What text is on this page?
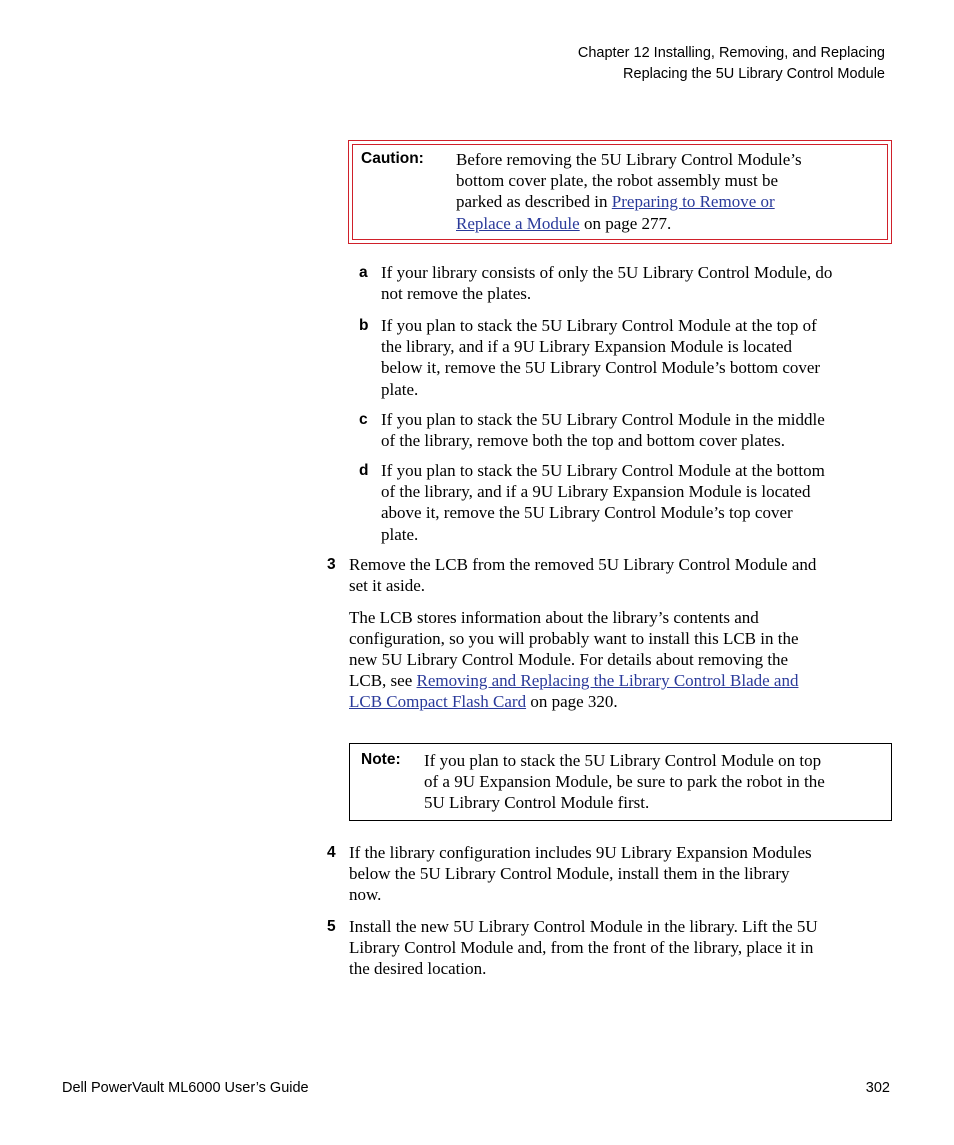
Chapter 12 Installing, Removing, and Replacing
Replacing the 5U Library Control Module
Caution: Before removing the 5U Library Control Module’s
bottom cover plate, the robot assembly must be
parked as described in Preparing to Remove or
Replace a Module on page 277.
a If your library consists of only the 5U Library Control Module, do
not remove the plates.
b If you plan to stack the 5U Library Control Module at the top of
the library, and if a 9U Library Expansion Module is located
below it, remove the 5U Library Control Module’s bottom cover
plate.
c If you plan to stack the 5U Library Control Module in the middle
of the library, remove both the top and bottom cover plates.
d If you plan to stack the 5U Library Control Module at the bottom
of the library, and if a 9U Library Expansion Module is located
above it, remove the 5U Library Control Module’s top cover
plate.
3 Remove the LCB from the removed 5U Library Control Module and
set it aside.
The LCB stores information about the library’s contents and
configuration, so you will probably want to install this LCB in the
new 5U Library Control Module. For details about removing the
LCB, see Removing and Replacing the Library Control Blade and
LCB Compact Flash Card on page 320.
Note: If you plan to stack the 5U Library Control Module on top
of a 9U Expansion Module, be sure to park the robot in the
5U Library Control Module first.
4 If the library configuration includes 9U Library Expansion Modules
below the 5U Library Control Module, install them in the library
now.
5 Install the new 5U Library Control Module in the library. Lift the 5U
Library Control Module and, from the front of the library, place it in
the desired location.
Dell PowerVault ML6000 User’s Guide	302
